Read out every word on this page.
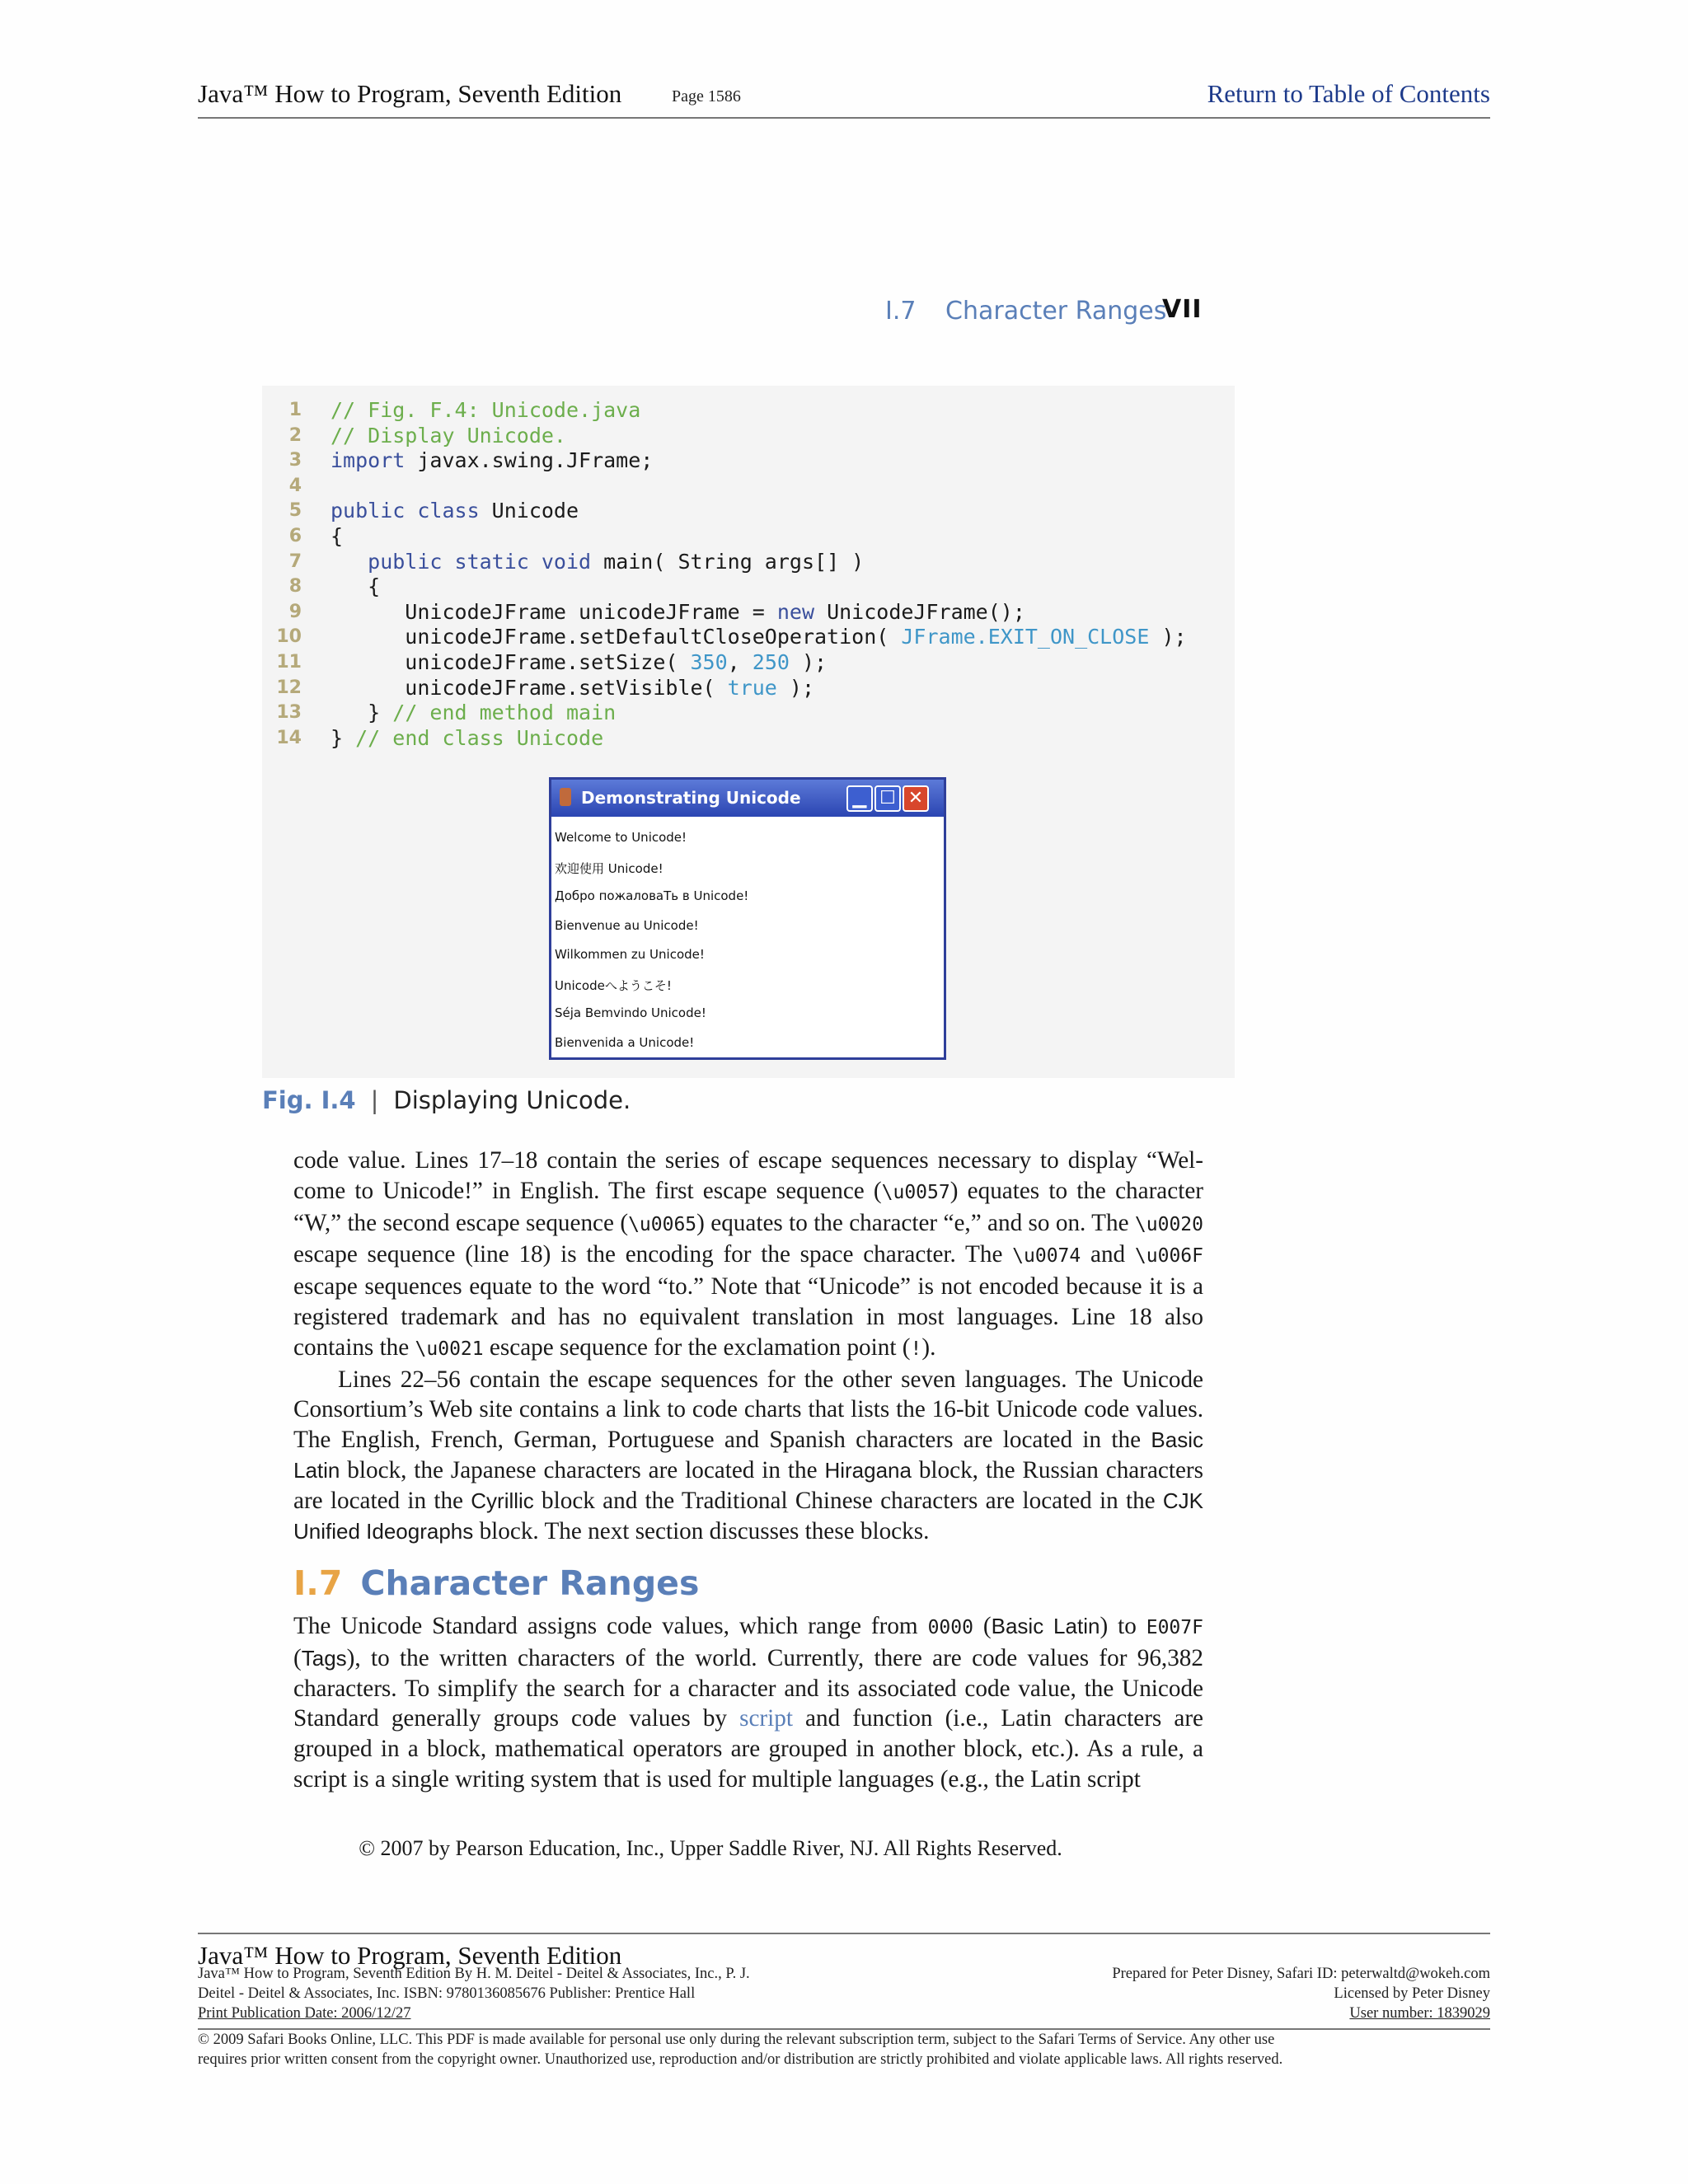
Java™ How to Program, Seventh Edition	Page 1586	Return to Table of Contents
I.7 Character Ranges
VII
1 // Fig. F.4: Unicode.java
2 // Display Unicode.
3 import javax.swing.JFrame;
4
5 public class Unicode
6 {
7	public static void main( String args[] )
8 {
9 UnicodeJFrame unicodeJFrame = new UnicodeJFrame();
10 unicodeJFrame.setDefaultCloseOperation( JFrame.EXIT_ON_CLOSE );
11 unicodeJFrame.setSize( 350, 250 );
12 unicodeJFrame.setVisible( true );
13 } // end method main
14 } // end class Unicode
Demonstrating Unicode	▁ ☐ ✕
Welcome to Unicode!
欢迎使用 Unicode!
Добро пожаловаТь в Unicode!
Bienvenue au Unicode!
Wilkommen zu Unicode!
Unicodeへようこそ!
Séja Bemvindo Unicode!
Bienvenida a Unicode!
Fig. I.4 | Displaying Unicode.

code value. Lines 17–18 contain the series of escape sequences necessary to display “Welcome to Unicode!” in English. The first escape sequence (\u0057) equates to the character “W,” the second escape sequence (\u0065) equates to the character “e,” and so on. The \u0020 escape sequence (line 18) is the encoding for the space character. The \u0074 and \u006F escape sequences equate to the word “to.” Note that “Unicode” is not encoded because it is a registered trademark and has no equivalent translation in most languages. Line 18 also contains the \u0021 escape sequence for the exclamation point (!).

Lines 22–56 contain the escape sequences for the other seven languages. The Unicode Consortium’s Web site contains a link to code charts that lists the 16-bit Unicode code values. The English, French, German, Portuguese and Spanish characters are located in the Basic Latin block, the Japanese characters are located in the Hiragana block, the Russian characters are located in the Cyrillic block and the Traditional Chinese characters are located in the CJK Unified Ideographs block. The next section discusses these blocks.

I.7 Character Ranges

The Unicode Standard assigns code values, which range from 0000 (Basic Latin) to E007F (Tags), to the written characters of the world. Currently, there are code values for 96,382 characters. To simplify the search for a character and its associated code value, the Unicode Standard generally groups code values by script and function (i.e., Latin characters are grouped in a block, mathematical operators are grouped in another block, etc.). As a rule, a script is a single writing system that is used for multiple languages (e.g., the Latin script

© 2007 by Pearson Education, Inc., Upper Saddle River, NJ. All Rights Reserved.
Java™ How to Program, Seventh Edition
Java™ How to Program, Seventh Edition By H. M. Deitel - Deitel & Associates, Inc., P. J.
Deitel - Deitel & Associates, Inc. ISBN: 9780136085676 Publisher: Prentice Hall
Print Publication Date: 2006/12/27
Prepared for Peter Disney, Safari ID: peterwaltd@wokeh.com
Licensed by Peter Disney
User number: 1839029
© 2009 Safari Books Online, LLC. This PDF is made available for personal use only during the relevant subscription term, subject to the Safari Terms of Service. Any other use
requires prior written consent from the copyright owner. Unauthorized use, reproduction and/or distribution are strictly prohibited and violate applicable laws. All rights reserved.
